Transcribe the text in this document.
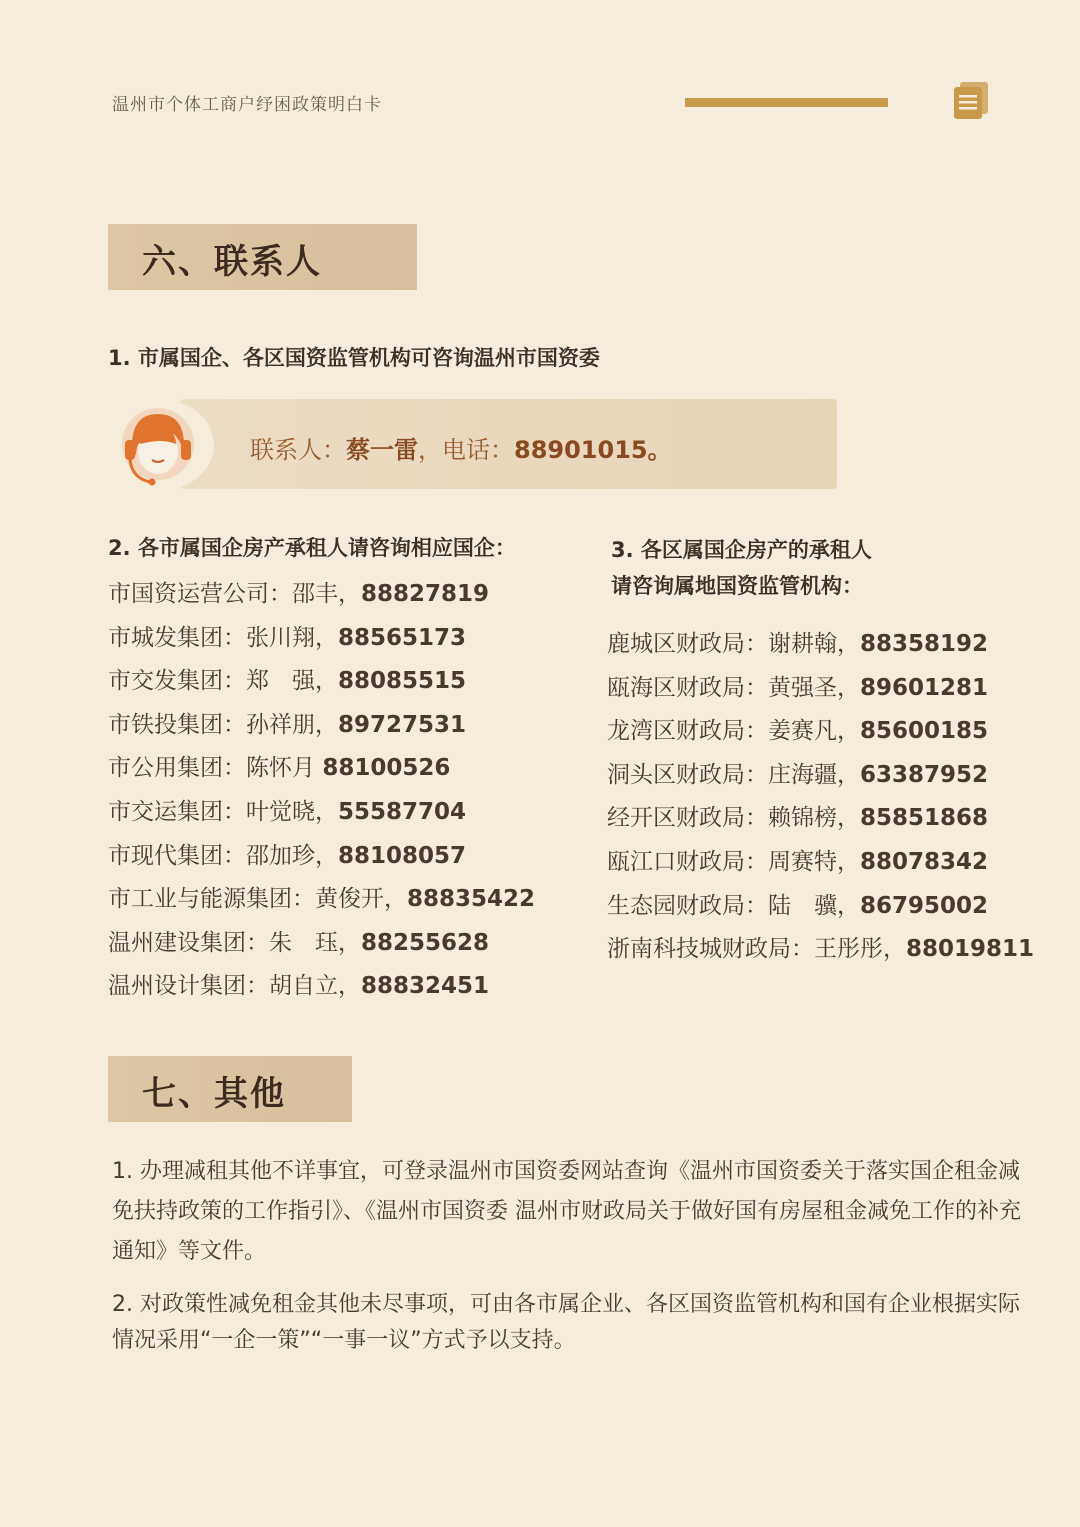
温州市个体工商户纾困政策明白卡
六、联系人
1. 市属国企、各区国资监管机构可咨询温州市国资委
联系人：蔡一雷，电话：88901015。
2. 各市属国企房产承租人请咨询相应国企：	3. 各区属国企房产的承租人
请咨询属地国资监管机构：
市国资运营公司：邵丰，88827819
市城发集团：张川翔，88565173
市交发集团：郑　强，88085515
市铁投集团：孙祥朋，89727531
市公用集团：陈怀月 88100526
市交运集团：叶觉晓，55587704
市现代集团：邵加珍，88108057
市工业与能源集团：黄俊开，88835422
温州建设集团：朱　珏，88255628
温州设计集团：胡自立，88832451
鹿城区财政局：谢耕翰，88358192
瓯海区财政局：黄强圣，89601281
龙湾区财政局：姜赛凡，85600185
洞头区财政局：庄海疆，63387952
经开区财政局：赖锦榜，85851868
瓯江口财政局：周赛特，88078342
生态园财政局：陆　骥，86795002
浙南科技城财政局：王彤彤，88019811
七、其他
1. 办理减租其他不详事宜，可登录温州市国资委网站查询《温州市国资委关于落实国企租金减免扶持政策的工作指引》、《温州市国资委 温州市财政局关于做好国有房屋租金减免工作的补充通知》等文件。
2. 对政策性减免租金其他未尽事项，可由各市属企业、各区国资监管机构和国有企业根据实际情况采用“一企一策”“一事一议”方式予以支持。
